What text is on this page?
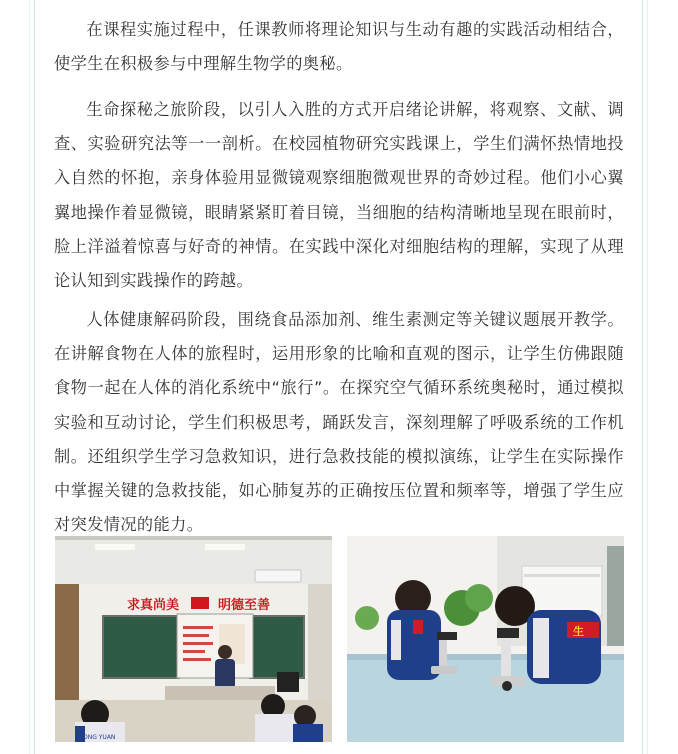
在课程实施过程中，任课教师将理论知识与生动有趣的实践活动相结合，使学生在积极参与中理解生物学的奥秘。

生命探秘之旅阶段，以引人入胜的方式开启绪论讲解，将观察、文献、调查、实验研究法等一一剖析。在校园植物研究实践课上，学生们满怀热情地投入自然的怀抱，亲身体验用显微镜观察细胞微观世界的奇妙过程。他们小心翼翼地操作着显微镜，眼睛紧紧盯着目镜，当细胞的结构清晰地呈现在眼前时，脸上洋溢着惊喜与好奇的神情。在实践中深化对细胞结构的理解，实现了从理论认知到实践操作的跨越。

人体健康解码阶段，围绕食品添加剂、维生素测定等关键议题展开教学。在讲解食物在人体的旅程时，运用形象的比喻和直观的图示，让学生仿佛跟随食物一起在人体的消化系统中“旅行”。在探究空气循环系统奥秘时，通过模拟实验和互动讨论，学生们积极思考，踊跃发言，深刻理解了呼吸系统的工作机制。还组织学生学习急救知识，进行急救技能的模拟演练，让学生在实际操作中掌握关键的急救技能，如心肺复苏的正确按压位置和频率等，增强了学生应对突发情况的能力。

求真尚美	明德至善
ONG YUAN
生
